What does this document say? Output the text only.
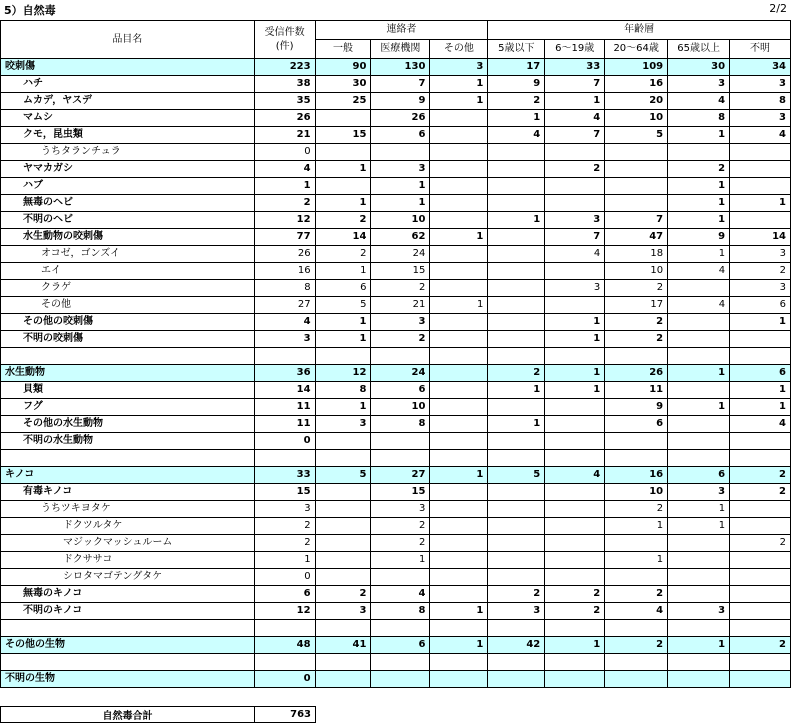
5）自然毒	2/2
品目名	受信件数
(件)	連絡者			年齢層				
		一般	医療機関	その他	5歳以下	6～19歳	20～64歳	65歳以上	不明
咬刺傷	223	90	130	3	17	33	109	30	34
ハチ	38	30	7	1	9	7	16	3	3
ムカデ，ヤスデ	35	25	9	1	2	1	20	4	8
マムシ	26		26		1	4	10	8	3
クモ，昆虫類	21	15	6		4	7	5	1	4
うちタランチュラ	0								
ヤマカガシ	4	1	3			2		2	
ハブ	1		1					1	
無毒のヘビ	2	1	1					1	1
不明のヘビ	12	2	10		1	3	7	1	
水生動物の咬刺傷	77	14	62	1		7	47	9	14
オコゼ，ゴンズイ	26	2	24			4	18	1	3
エイ	16	1	15				10	4	2
クラゲ	8	6	2			3	2		3
その他	27	5	21	1			17	4	6
その他の咬刺傷	4	1	3			1	2		1
不明の咬刺傷	3	1	2			1	2		

水生動物	36	12	24		2	1	26	1	6
貝類	14	8	6		1	1	11		1
フグ	11	1	10				9	1	1
その他の水生動物	11	3	8		1		6		4
不明の水生動物	0								

キノコ	33	5	27	1	5	4	16	6	2
有毒キノコ	15		15				10	3	2
うちツキヨタケ	3		3				2	1	
ドクツルタケ	2		2				1	1	
マジックマッシュルーム	2		2						2
ドクササコ	1		1				1		
シロタマゴテングタケ	0								
無毒のキノコ	6	2	4		2	2	2		
不明のキノコ	12	3	8	1	3	2	4	3	

その他の生物	48	41	6	1	42	1	2	1	2

不明の生物	0								
自然毒合計	763
